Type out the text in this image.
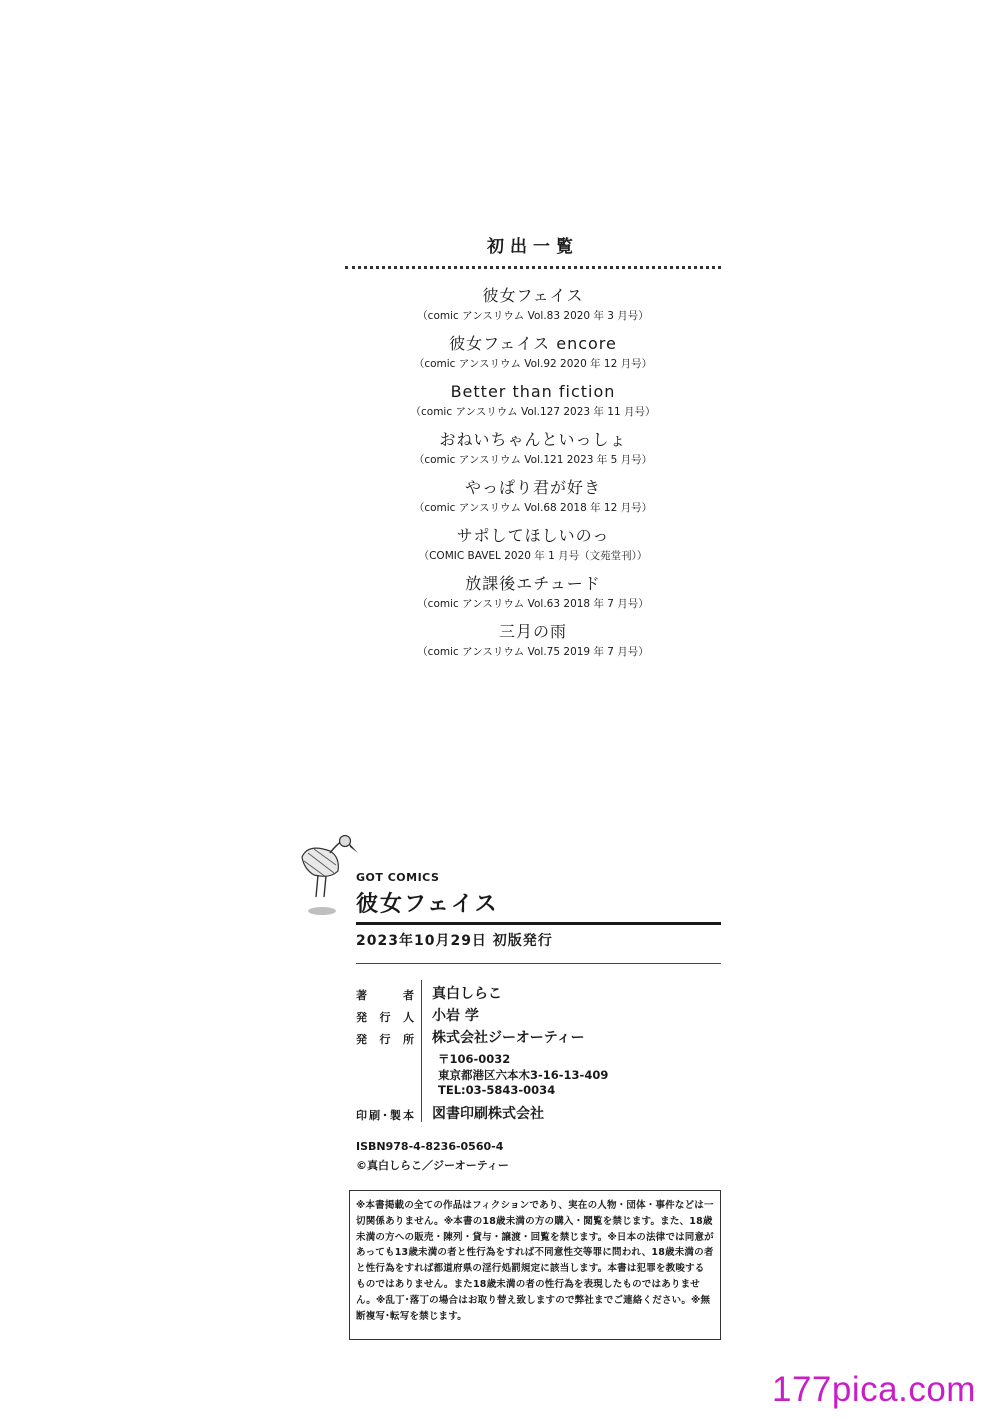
初出一覧
彼女フェイス
（comic アンスリウム Vol.83 2020 年 3 月号）
彼女フェイス encore
（comic アンスリウム Vol.92 2020 年 12 月号）
Better than fiction
（comic アンスリウム Vol.127 2023 年 11 月号）
おねいちゃんといっしょ
（comic アンスリウム Vol.121 2023 年 5 月号）
やっぱり君が好き
（comic アンスリウム Vol.68 2018 年 12 月号）
サポしてほしいのっ
（COMIC BAVEL 2020 年 1 月号（文苑堂刊））
放課後エチュード
（comic アンスリウム Vol.63 2018 年 7 月号）
三月の雨
（comic アンスリウム Vol.75 2019 年 7 月号）
GOT COMICS
彼女フェイス
2023年10月29日 初版発行
著 者 真白しらこ
発行人 小岩 学
発行所 株式会社ジーオーティー
〒106-0032
東京都港区六本木3-16-13-409
TEL:03-5843-0034
印刷･製本 図書印刷株式会社
ISBN978-4-8236-0560-4
©真白しらこ／ジーオーティー
※本書掲載の全ての作品はフィクションであり、実在の人物・団体・事件などは一切関係ありません。※本書の18歳未満の方の購入・閲覧を禁じます。また、18歳未満の方への販売・陳列・貸与・譲渡・回覧を禁じます。※日本の法律では同意があっても13歳未満の者と性行為をすれば不同意性交等罪に問われ、18歳未満の者と性行為をすれば都道府県の淫行処罰規定に該当します。本書は犯罪を教唆するものではありません。また18歳未満の者の性行為を表現したものではありません。※乱丁･落丁の場合はお取り替え致しますので弊社までご連絡ください。※無断複写･転写を禁じます。
177pica.com
